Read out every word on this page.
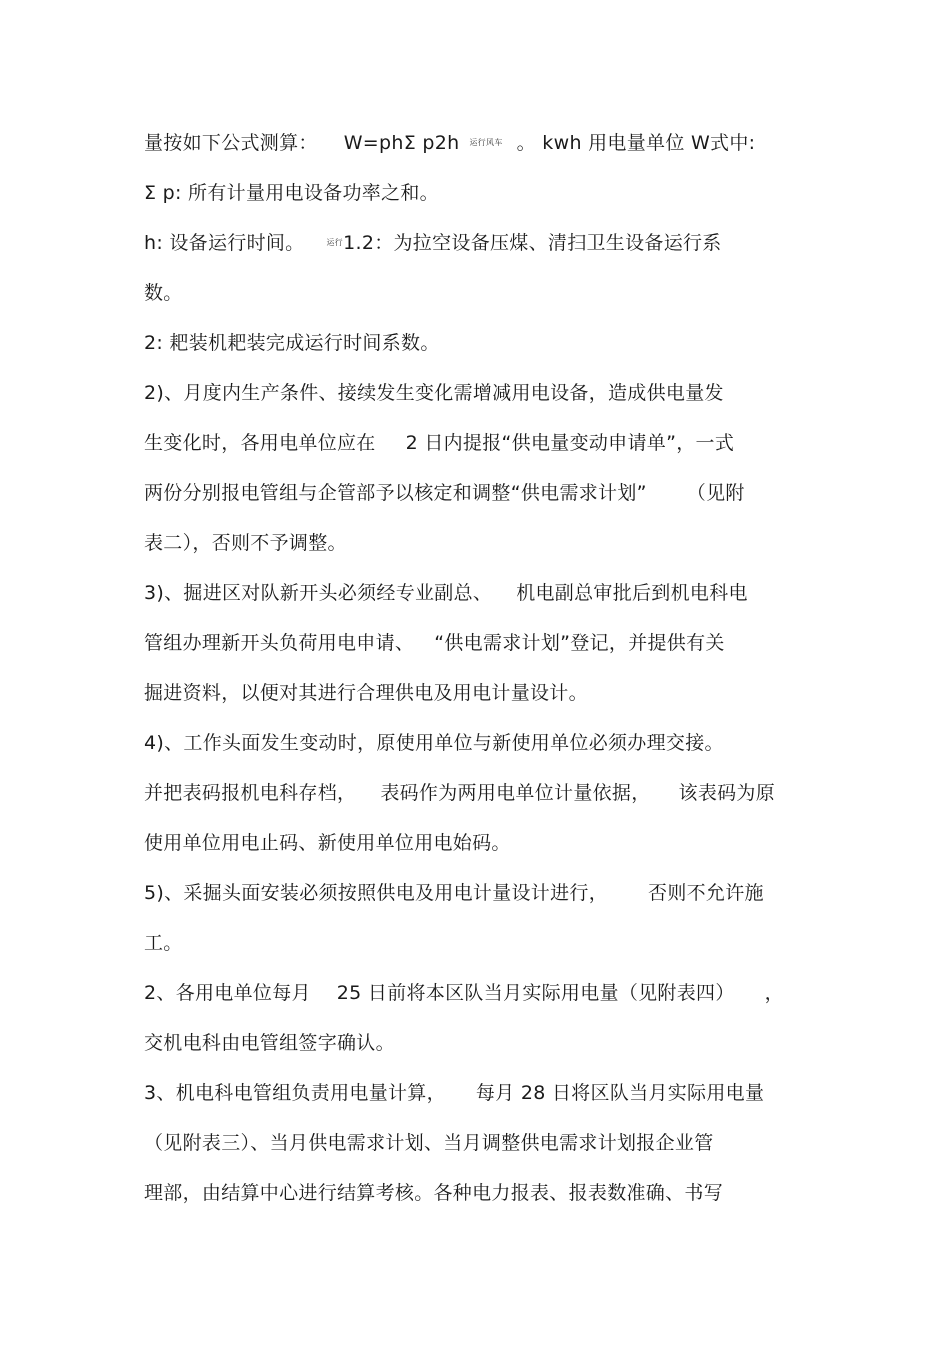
量按如下公式测算： W=phΣ p2h 运行风车 。 kwh 用电量单位 W式中:
Σ p: 所有计量用电设备功率之和。
h: 设备运行时间。	运行1.2：为拉空设备压煤、清扫卫生设备运行系
数。
2: 耙装机耙装完成运行时间系数。
2)、月度内生产条件、接续发生变化需增减用电设备，造成供电量发
生变化时，各用电单位应在 2 日内提报“供电量变动申请单”，一式
两份分别报电管组与企管部予以核定和调整“供电需求计划” （见附
表二），否则不予调整。
3)、掘进区对队新开头必须经专业副总、 机电副总审批后到机电科电
管组办理新开头负荷用电申请、 “供电需求计划”登记，并提供有关
掘进资料，以便对其进行合理供电及用电计量设计。
4)、工作头面发生变动时，原使用单位与新使用单位必须办理交接。
并把表码报机电科存档， 表码作为两用电单位计量依据， 该表码为原
使用单位用电止码、新使用单位用电始码。
5)、采掘头面安装必须按照供电及用电计量设计进行， 否则不允许施
工。
2、各用电单位每月 25 日前将本区队当月实际用电量（见附表四） ，
交机电科由电管组签字确认。
3、机电科电管组负责用电量计算， 每月 28 日将区队当月实际用电量
（见附表三）、当月供电需求计划、当月调整供电需求计划报企业管
理部，由结算中心进行结算考核。各种电力报表、报表数准确、书写
